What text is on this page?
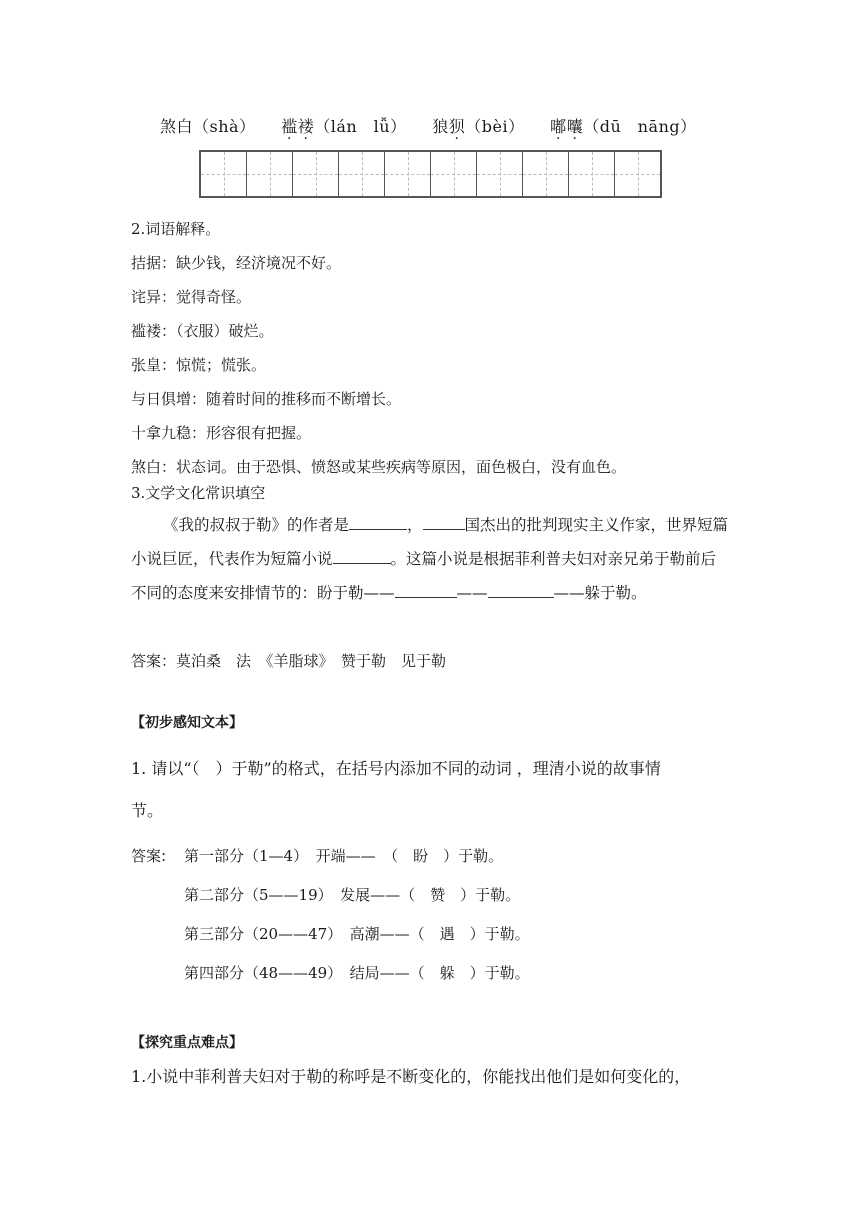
煞白（shà） 褴褛（lán　lǚ） 狼狈（bèi） 嘟囔（dū　nāng）
2.词语解释。
拮据：缺少钱，经济境况不好。
诧异：觉得奇怪。
褴褛：（衣服）破烂。
张皇：惊慌；慌张。
与日俱增：随着时间的推移而不断增长。
十拿九稳：形容很有把握。
煞白：状态词。由于恐惧、愤怒或某些疾病等原因，面色极白，没有血色。
3.文学文化常识填空
《我的叔叔于勒》的作者是	，	国杰出的批判现实主义作家，世界短篇小说巨匠，代表作为短篇小说	。这篇小说是根据菲利普夫妇对亲兄弟于勒前后不同的态度来安排情节的：盼于勒——	——	——躲于勒。
答案：莫泊桑　法　《羊脂球》　赞于勒　见于勒
【初步感知文本】
1. 请以“（　）于勒”的格式，在括号内添加不同的动词 ，理清小说的故事情
节。
答案: 第一部分（1—4）　开端——　（　盼　）于勒。
第二部分（5——19）　发展——（　赞　）于勒。
第三部分（20——47）　高潮——（　遇　）于勒。
第四部分（48——49）　结局——（　躲　）于勒。
【探究重点难点】
1.小说中菲利普夫妇对于勒的称呼是不断变化的，你能找出他们是如何变化的，
